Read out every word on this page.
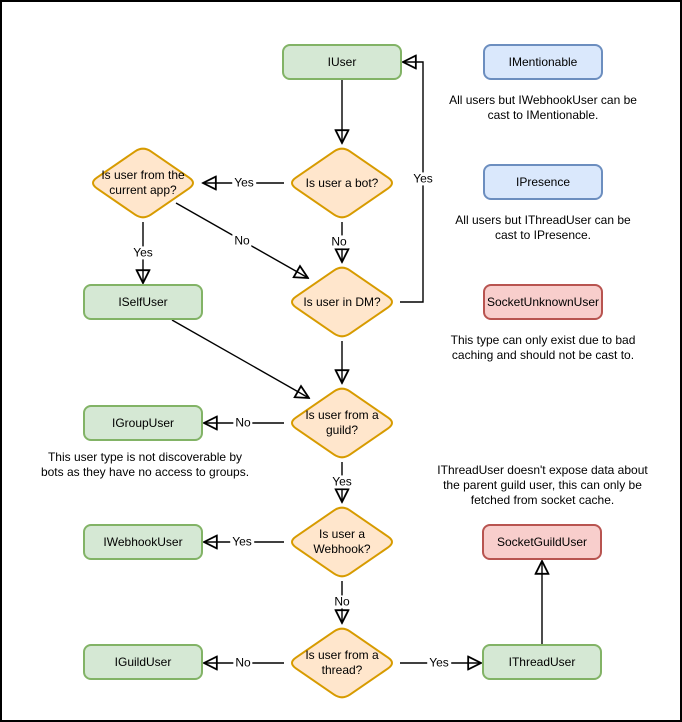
IUser	IMentionable
IPresence
SocketUnknownUser
ISelfUser
IGroupUser
IWebhookUser
IGuildUser	IThreadUser
SocketGuildUser
Is user a bot?
Is user from the current app?
Is user in DM?
Is user from a guild?
Is user a Webhook?
Is user from a thread?
Yes
No
Yes
No
Yes
No
Yes
Yes
No
No	Yes
All users but IWebhookUser can be cast to IMentionable.
All users but IThreadUser can be cast to IPresence.
This type can only exist due to bad caching and should not be cast to.
This user type is not discoverable by bots as they have no access to groups.	IThreadUser doesn't expose data about the parent guild user, this can only be fetched from socket cache.
